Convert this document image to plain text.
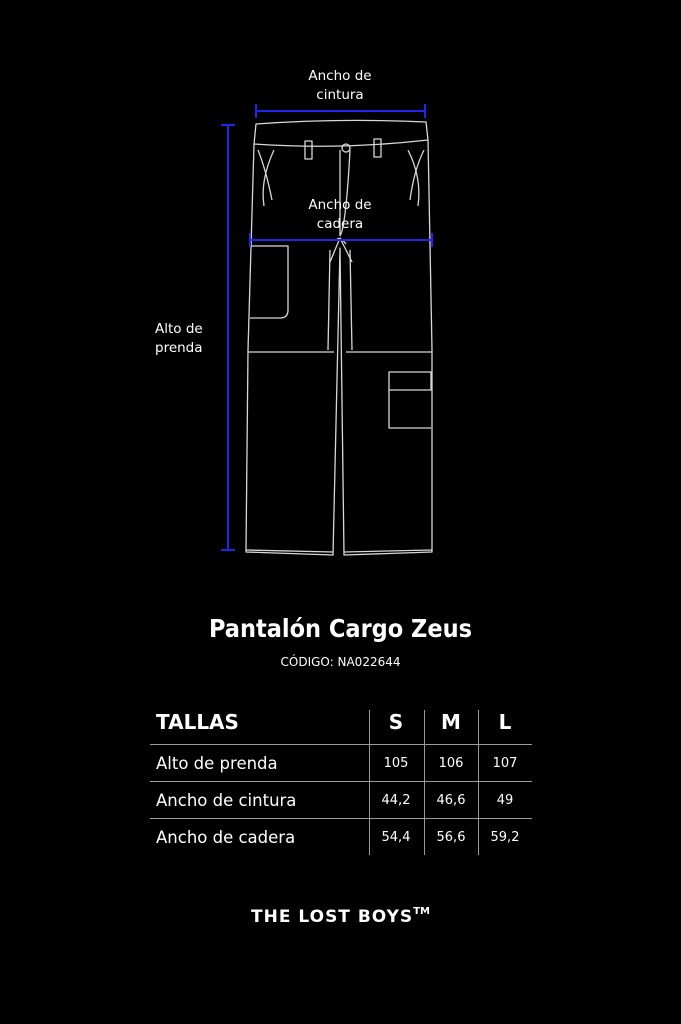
Ancho de
cintura
Ancho de
cadera
Alto de
prenda
Pantalón Cargo Zeus
CÓDIGO: NA022644
TALLAS	S	M	L
Alto de prenda	105	106	107
Ancho de cintura	44,2	46,6	49
Ancho de cadera	54,4	56,6	59,2
THE LOST BOYS™
